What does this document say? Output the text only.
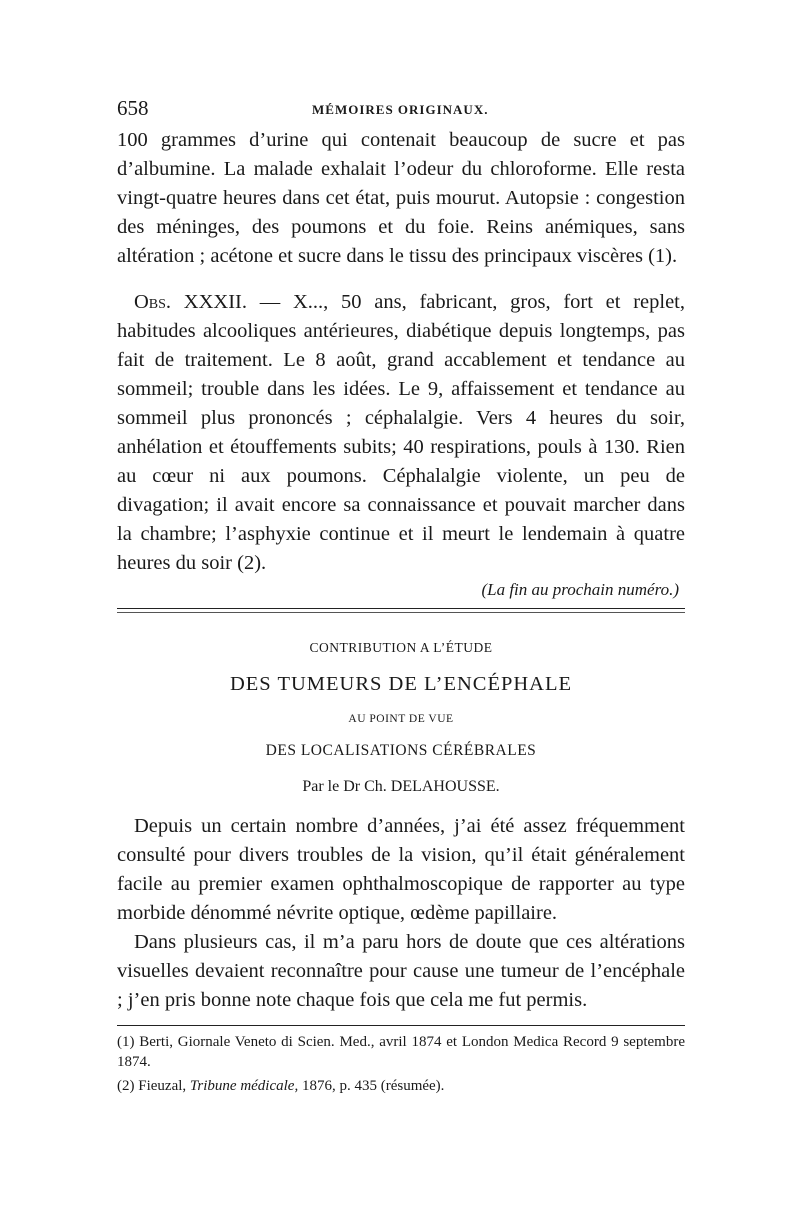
658	MÉMOIRES ORIGINAUX.

100 grammes d’urine qui contenait beaucoup de sucre et pas d’albumine. La malade exhalait l’odeur du chloroforme. Elle resta vingt-quatre heures dans cet état, puis mourut. Autopsie : congestion des méninges, des poumons et du foie. Reins anémiques, sans altération ; acétone et sucre dans le tissu des principaux viscères (1).

Obs. XXXII. — X..., 50 ans, fabricant, gros, fort et replet, habitudes alcooliques antérieures, diabétique depuis longtemps, pas fait de traitement. Le 8 août, grand accablement et tendance au sommeil; trouble dans les idées. Le 9, affaissement et tendance au sommeil plus prononcés ; céphalalgie. Vers 4 heures du soir, anhélation et étouffements subits; 40 respirations, pouls à 130. Rien au cœur ni aux poumons. Céphalalgie violente, un peu de divagation; il avait encore sa connaissance et pouvait marcher dans la chambre; l’asphyxie continue et il meurt le lendemain à quatre heures du soir (2).

(La fin au prochain numéro.)
CONTRIBUTION A L’ÉTUDE
DES TUMEURS DE L’ENCÉPHALE
AU POINT DE VUE
DES LOCALISATIONS CÉRÉBRALES
Par le Dr Ch. DELAHOUSSE.

Depuis un certain nombre d’années, j’ai été assez fréquemment consulté pour divers troubles de la vision, qu’il était généralement facile au premier examen ophthalmoscopique de rapporter au type morbide dénommé névrite optique, œdème papillaire.

Dans plusieurs cas, il m’a paru hors de doute que ces altérations visuelles devaient reconnaître pour cause une tumeur de l’encéphale ; j’en pris bonne note chaque fois que cela me fut permis.

(1) Berti, Giornale Veneto di Scien. Med., avril 1874 et London Medica Record 9 septembre 1874.
(2) Fieuzal, Tribune médicale, 1876, p. 435 (résumée).
